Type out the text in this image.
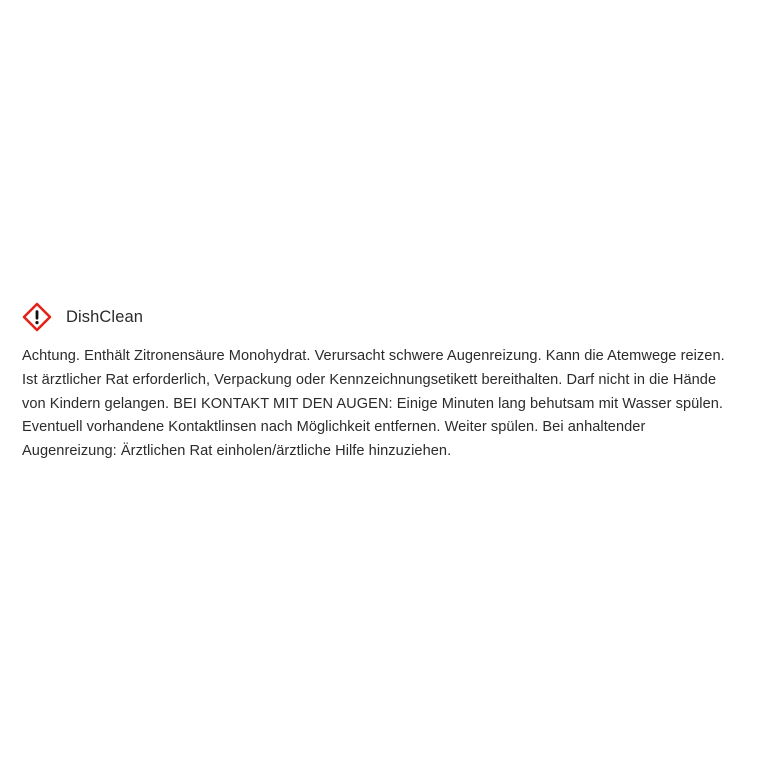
DishClean
Achtung. Enthält Zitronensäure Monohydrat. Verursacht schwere Augenreizung. Kann die Atemwege reizen. Ist ärztlicher Rat erforderlich, Verpackung oder Kennzeichnungsetikett bereithalten. Darf nicht in die Hände von Kindern gelangen. BEI KONTAKT MIT DEN AUGEN: Einige Minuten lang behutsam mit Wasser spülen. Eventuell vorhandene Kontaktlinsen nach Möglichkeit entfernen. Weiter spülen. Bei anhaltender Augenreizung: Ärztlichen Rat einholen/ärztliche Hilfe hinzuziehen.
